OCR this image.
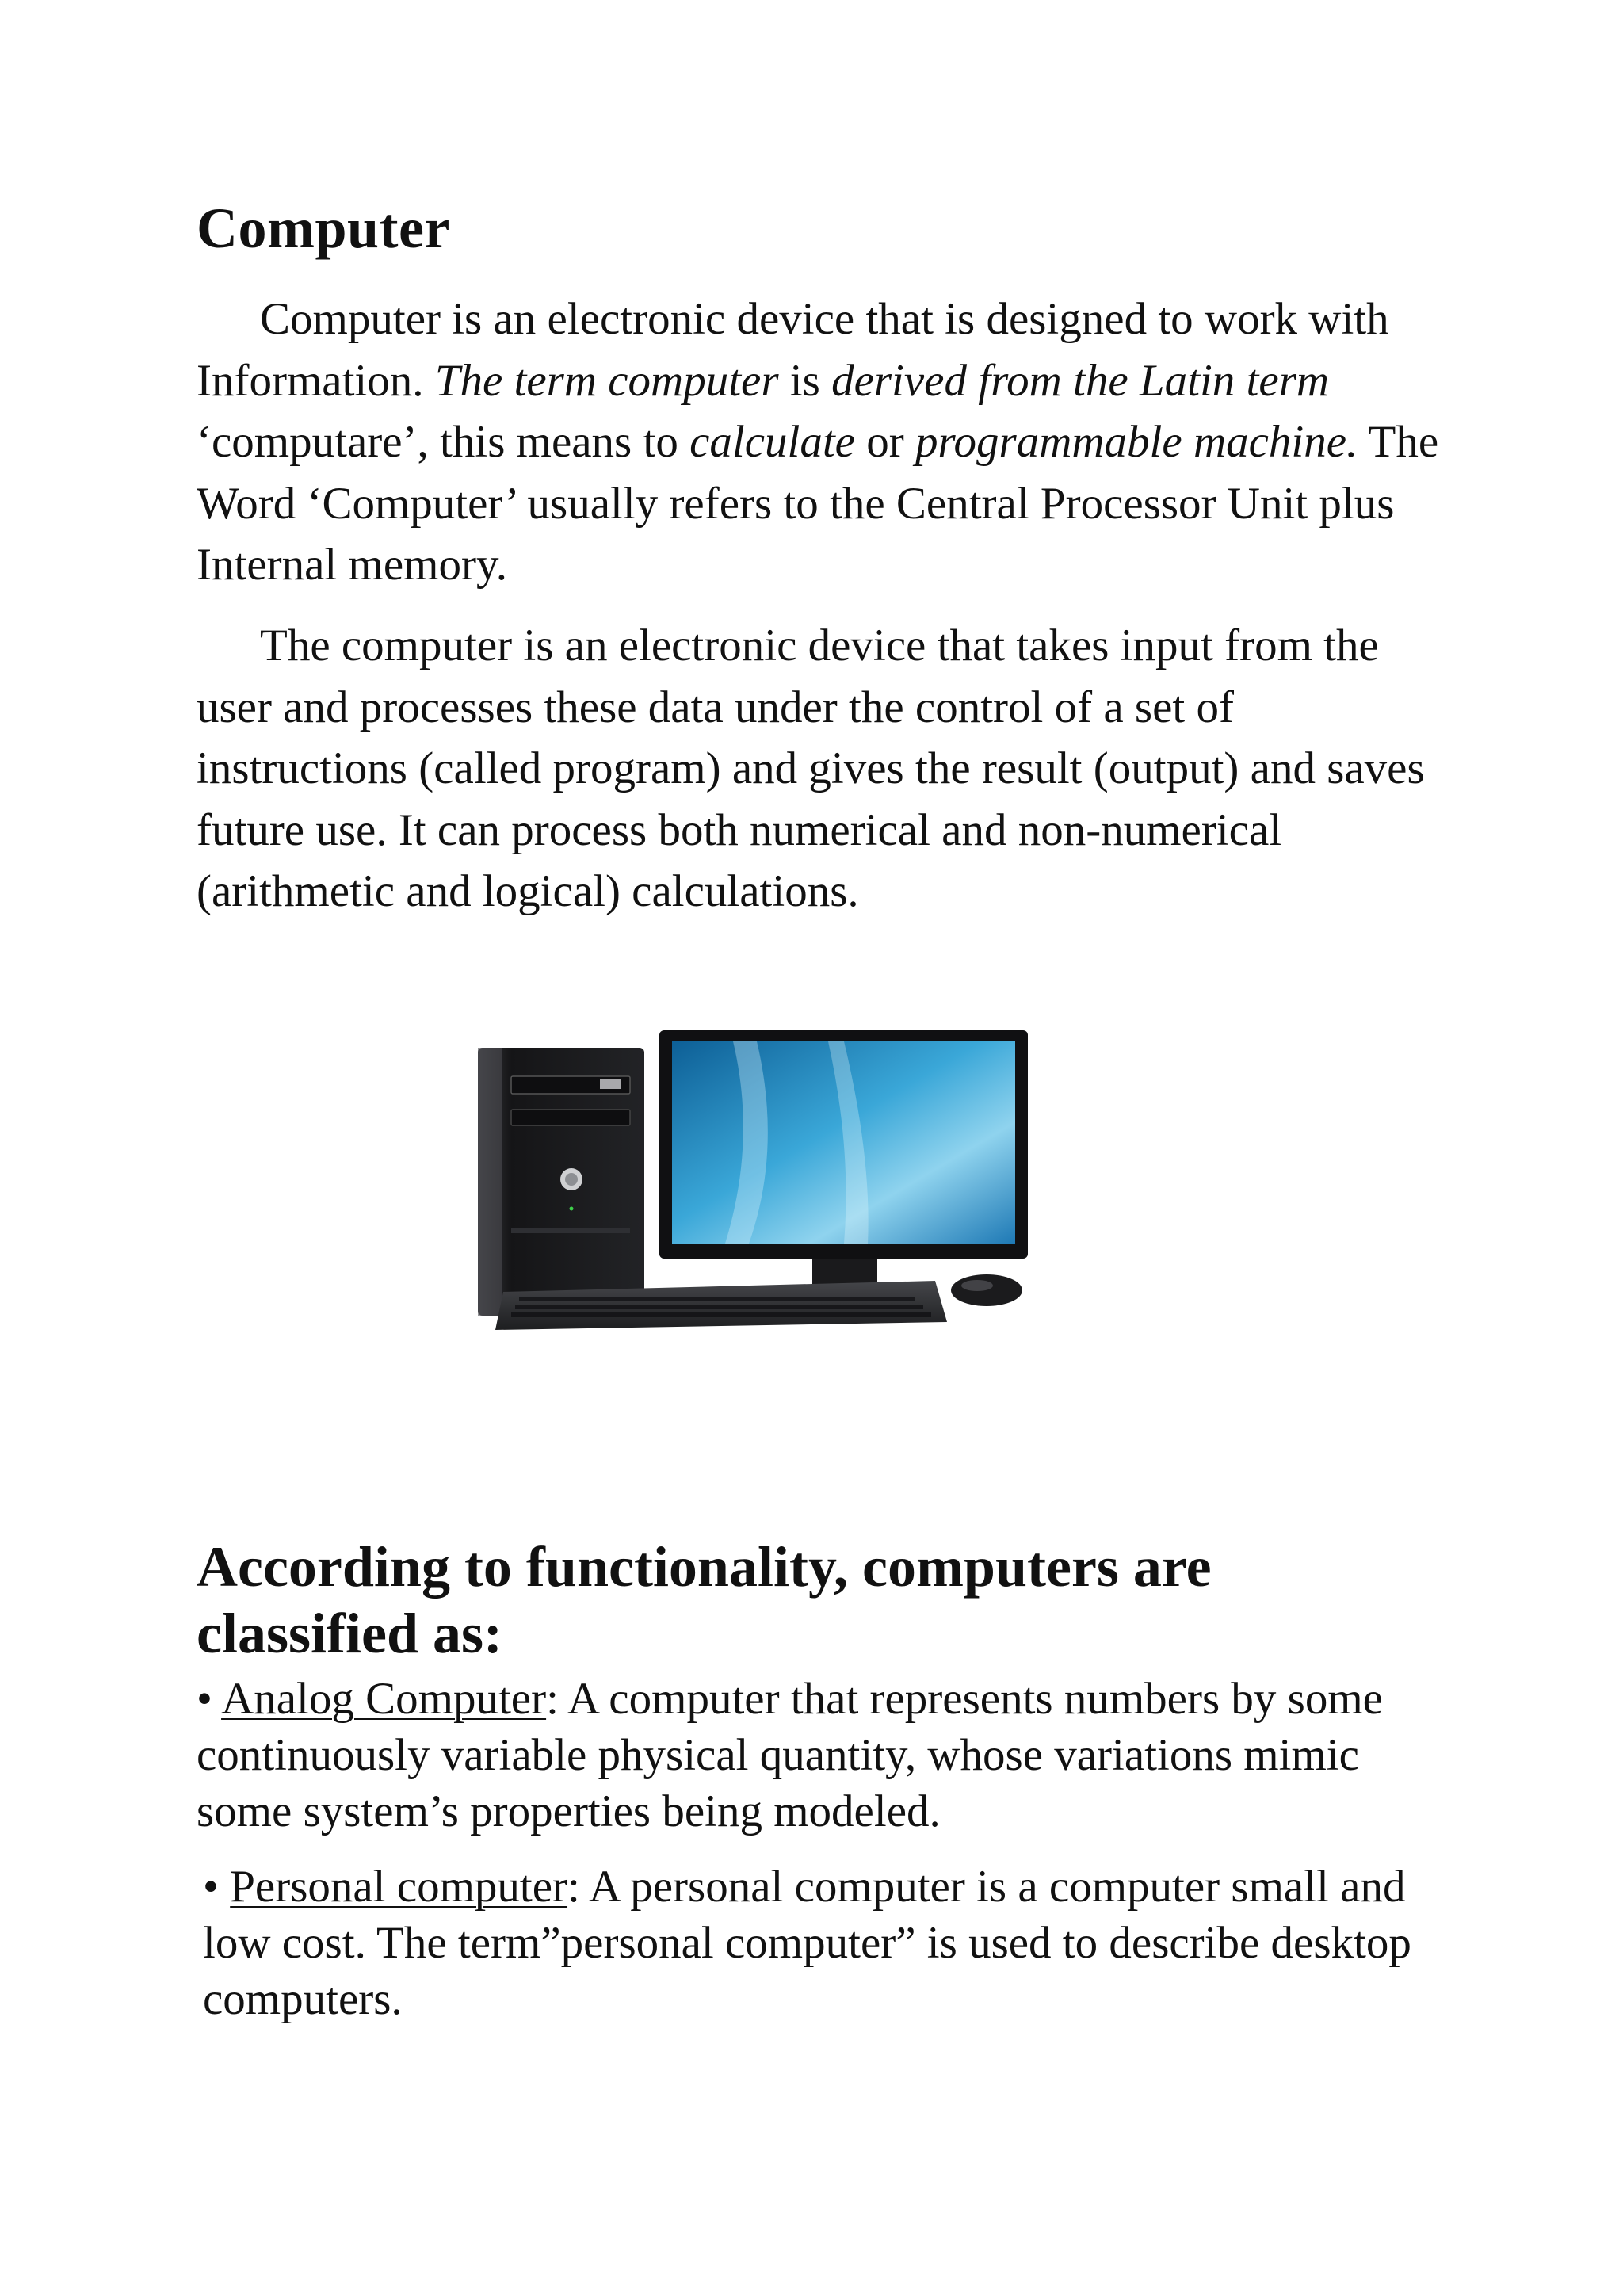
Computer

Computer is an electronic device that is designed to work with Information. The term computer is derived from the Latin term ‘computare’, this means to calculate or programmable machine. The Word ‘Computer’ usually refers to the Central Processor Unit plus Internal memory.

The computer is an electronic device that takes input from the user and processes these data under the control of a set of instructions (called program) and gives the result (output) and saves future use. It can process both numerical and non-numerical (arithmetic and logical) calculations.

According to functionality, computers are classified as:

• Analog Computer: A computer that represents numbers by some continuously variable physical quantity, whose variations mimic some system’s properties being modeled.

• Personal computer: A personal computer is a computer small and low cost. The term”personal computer” is used to describe desktop computers.
